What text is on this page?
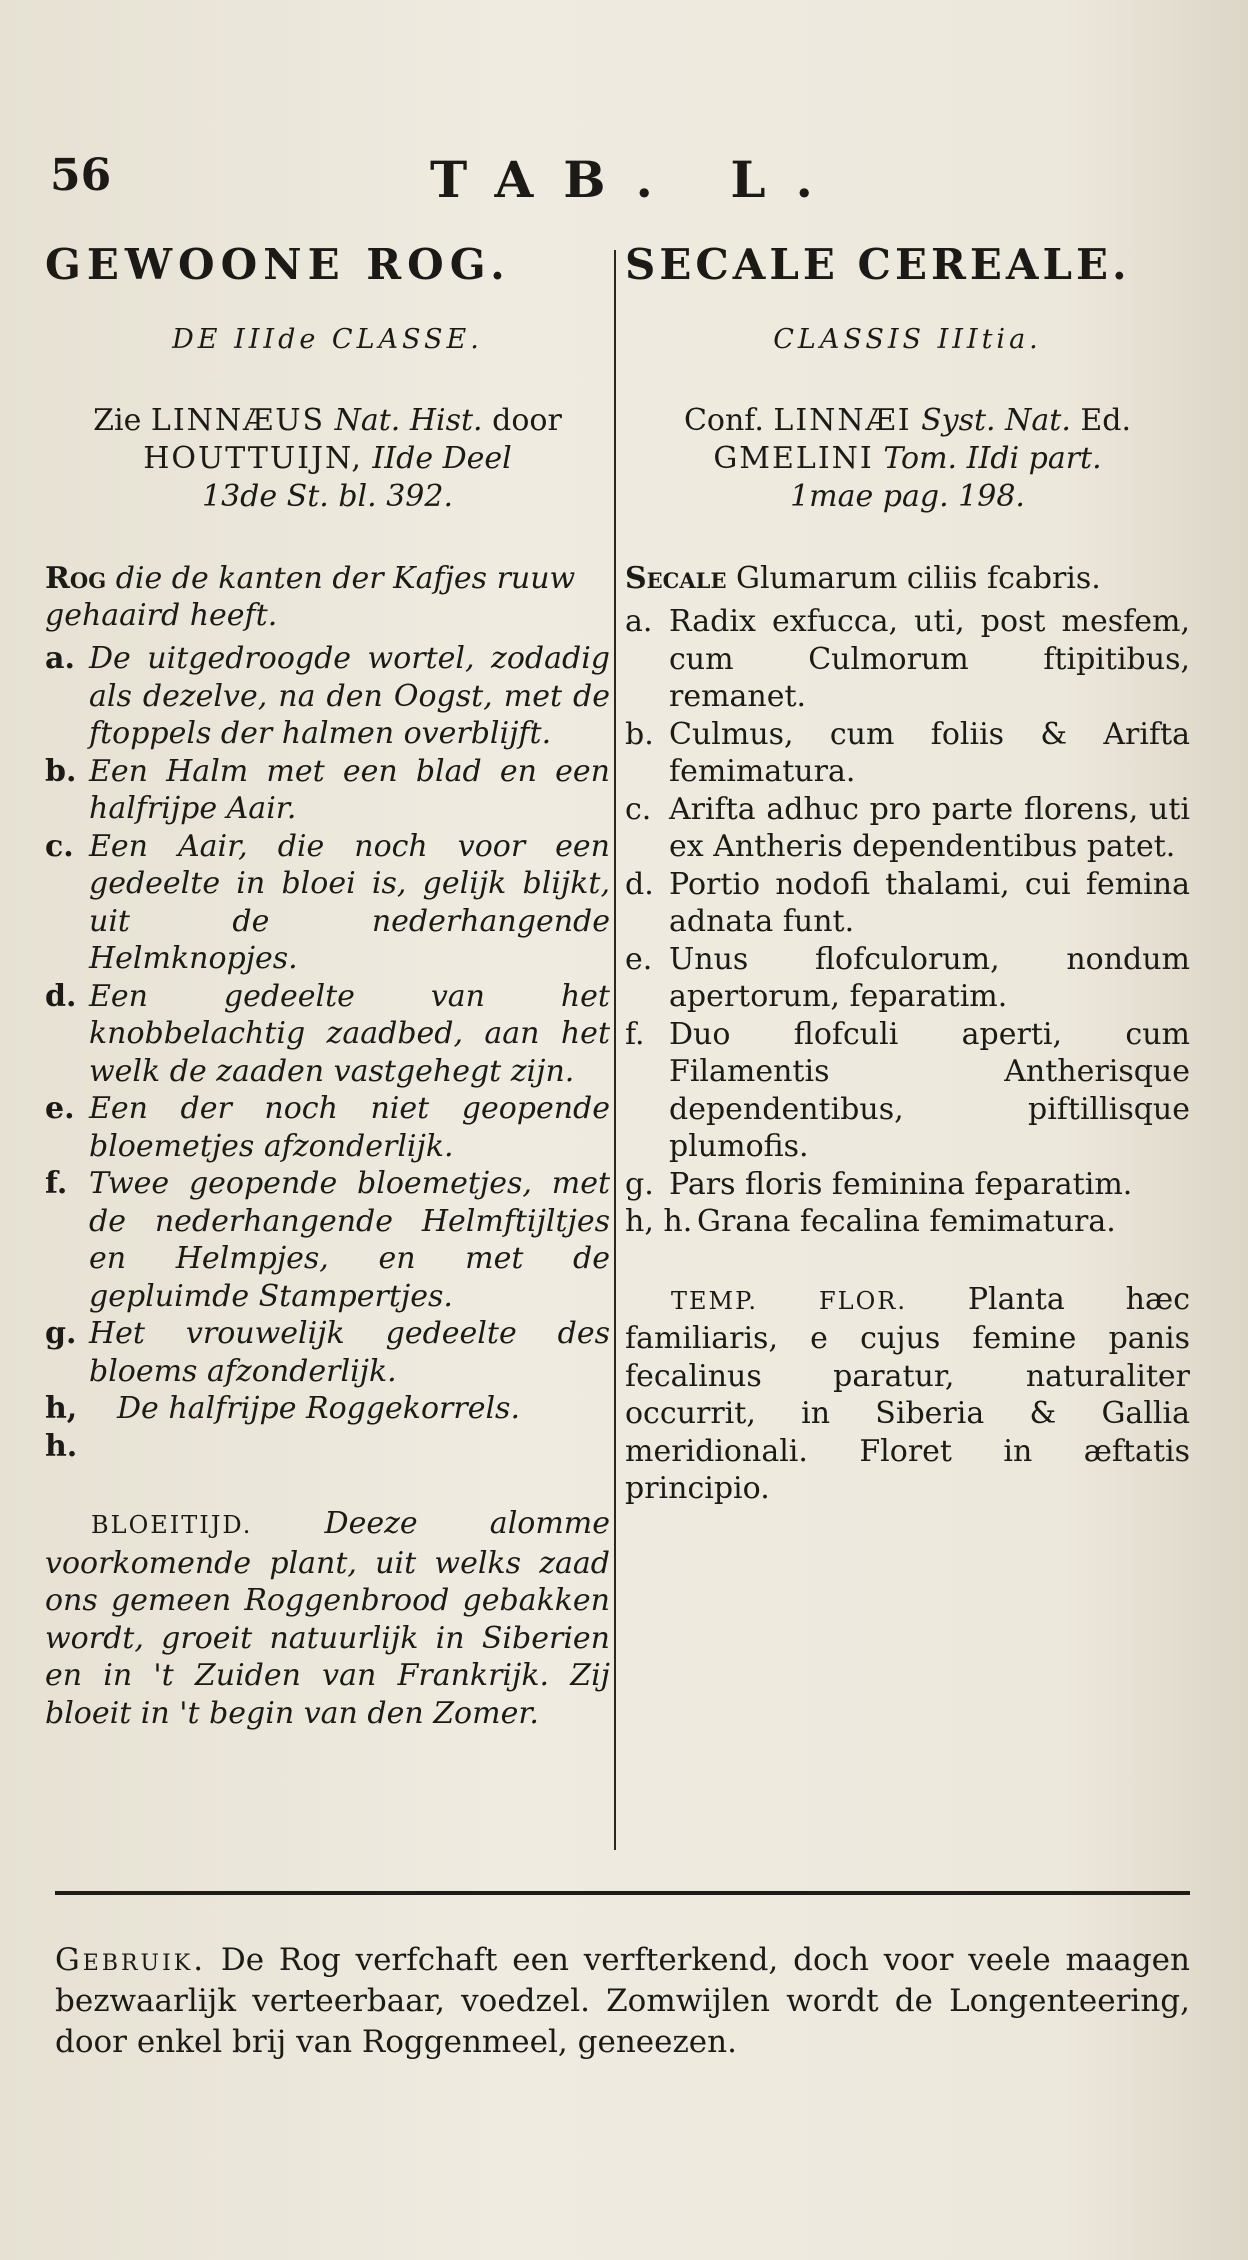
56	TAB. L.
GEWOONE ROG.
DE IIIde CLASSE.
Zie LINNÆUS Nat. Hist. door
HOUTTUIJN, IIde Deel
13de St. bl. 392.
Rog die de kanten der Kafjes ruuw gehaaird heeft.
a. De uitgedroogde wortel, zodadig als dezelve, na den Oogst, met de ftoppels der halmen overblijft.
b. Een Halm met een blad en een halfrijpe Aair.
c. Een Aair, die noch voor een gedeelte in bloei is, gelijk blijkt, uit de nederhangende Helmknopjes.
d. Een gedeelte van het knobbelachtig zaadbed, aan het welk de zaaden vastgehegt zijn.
e. Een der noch niet geopende bloemetjes afzonderlijk.
f. Twee geopende bloemetjes, met de nederhangende Helmftijltjes en Helmpjes, en met de gepluimde Stampertjes.
g. Het vrouwelijk gedeelte des bloems afzonderlijk.
h, h.
De halfrijpe Roggekorrels.
BLOEITIJD. Deeze alomme voorkomende plant, uit welks zaad ons gemeen Roggenbrood gebakken wordt, groeit natuurlijk in Siberien en in 't Zuiden van Frankrijk. Zij bloeit in 't begin van den Zomer.
SECALE CEREALE.
CLASSIS IIItia.
Conf. LINNÆI Syst. Nat. Ed.
GMELINI Tom. IIdi part.
1mae pag. 198.
Secale Glumarum ciliis fcabris.
a. Radix exfucca, uti, post mesfem, cum Culmorum ftipitibus, remanet.
b. Culmus, cum foliis & Arifta femimatura.
c. Arifta adhuc pro parte florens, uti ex Antheris dependentibus patet.
d. Portio nodofi thalami, cui femina adnata funt.
e. Unus flofculorum, nondum apertorum, feparatim.
f. Duo flofculi aperti, cum Filamentis Antherisque dependentibus, piftillisque plumofis.
g. Pars floris feminina feparatim.
h, h. Grana fecalina femimatura.
TEMP. FLOR. Planta hæc familiaris, e cujus femine panis fecalinus paratur, naturaliter occurrit, in Siberia & Gallia meridionali. Floret in æftatis principio.
Gebruik. De Rog verfchaft een verfterkend, doch voor veele maagen bezwaarlijk verteerbaar, voedzel. Zomwijlen wordt de Longenteering, door enkel brij van Roggenmeel, geneezen.
